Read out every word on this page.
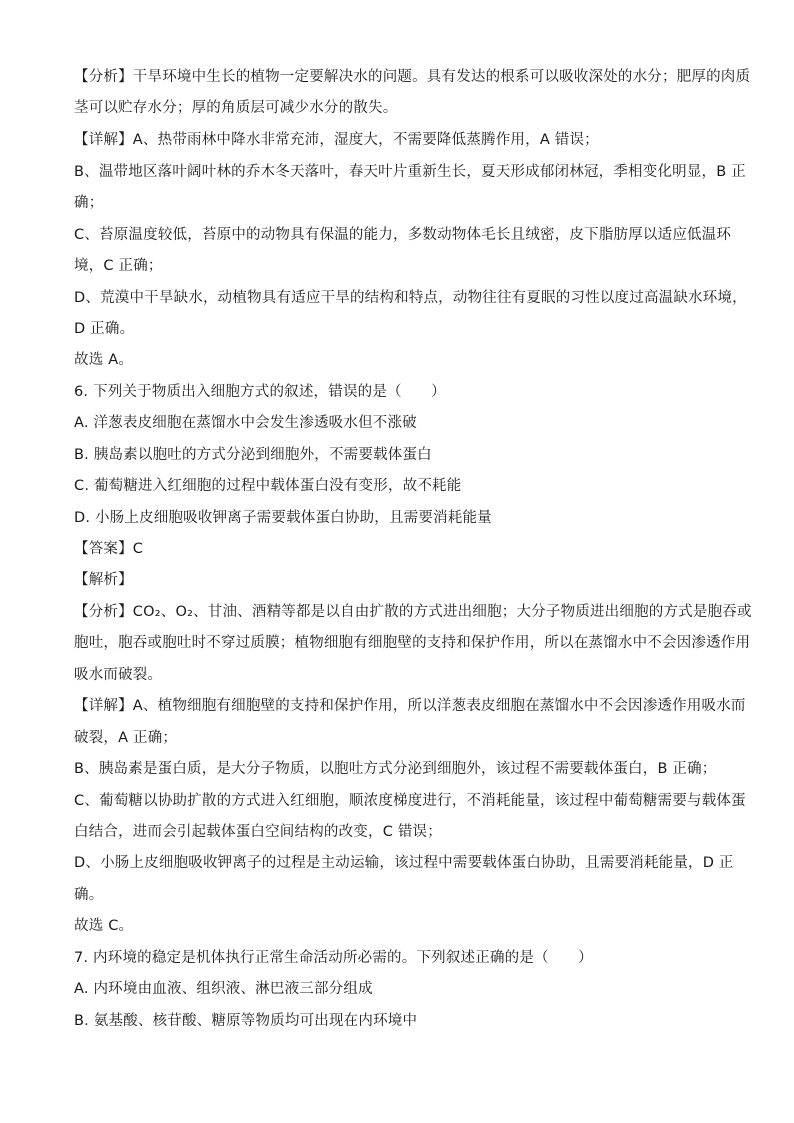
【分析】干旱环境中生长的植物一定要解决水的问题。具有发达的根系可以吸收深处的水分；肥厚的肉质
茎可以贮存水分；厚的角质层可减少水分的散失。
【详解】A、热带雨林中降水非常充沛，湿度大，不需要降低蒸腾作用，A 错误；
B、温带地区落叶阔叶林的乔木冬天落叶，春天叶片重新生长，夏天形成郁闭林冠，季相变化明显，B 正
确；
C、苔原温度较低，苔原中的动物具有保温的能力，多数动物体毛长且绒密，皮下脂肪厚以适应低温环
境，C 正确；
D、荒漠中干旱缺水，动植物具有适应干旱的结构和特点，动物往往有夏眠的习性以度过高温缺水环境，
D 正确。
故选 A。
6. 下列关于物质出入细胞方式的叙述，错误的是（　　）
A. 洋葱表皮细胞在蒸馏水中会发生渗透吸水但不涨破
B. 胰岛素以胞吐的方式分泌到细胞外，不需要载体蛋白
C. 葡萄糖进入红细胞的过程中载体蛋白没有变形，故不耗能
D. 小肠上皮细胞吸收钾离子需要载体蛋白协助，且需要消耗能量
【答案】C
【解析】
【分析】CO₂、O₂、甘油、酒精等都是以自由扩散的方式进出细胞；大分子物质进出细胞的方式是胞吞或
胞吐，胞吞或胞吐时不穿过质膜；植物细胞有细胞壁的支持和保护作用，所以在蒸馏水中不会因渗透作用
吸水而破裂。
【详解】A、植物细胞有细胞壁的支持和保护作用，所以洋葱表皮细胞在蒸馏水中不会因渗透作用吸水而
破裂，A 正确；
B、胰岛素是蛋白质，是大分子物质，以胞吐方式分泌到细胞外，该过程不需要载体蛋白，B 正确；
C、葡萄糖以协助扩散的方式进入红细胞，顺浓度梯度进行，不消耗能量，该过程中葡萄糖需要与载体蛋
白结合，进而会引起载体蛋白空间结构的改变，C 错误；
D、小肠上皮细胞吸收钾离子的过程是主动运输，该过程中需要载体蛋白协助，且需要消耗能量，D 正
确。
故选 C。
7. 内环境的稳定是机体执行正常生命活动所必需的。下列叙述正确的是（　　）
A. 内环境由血液、组织液、淋巴液三部分组成
B. 氨基酸、核苷酸、糖原等物质均可出现在内环境中
